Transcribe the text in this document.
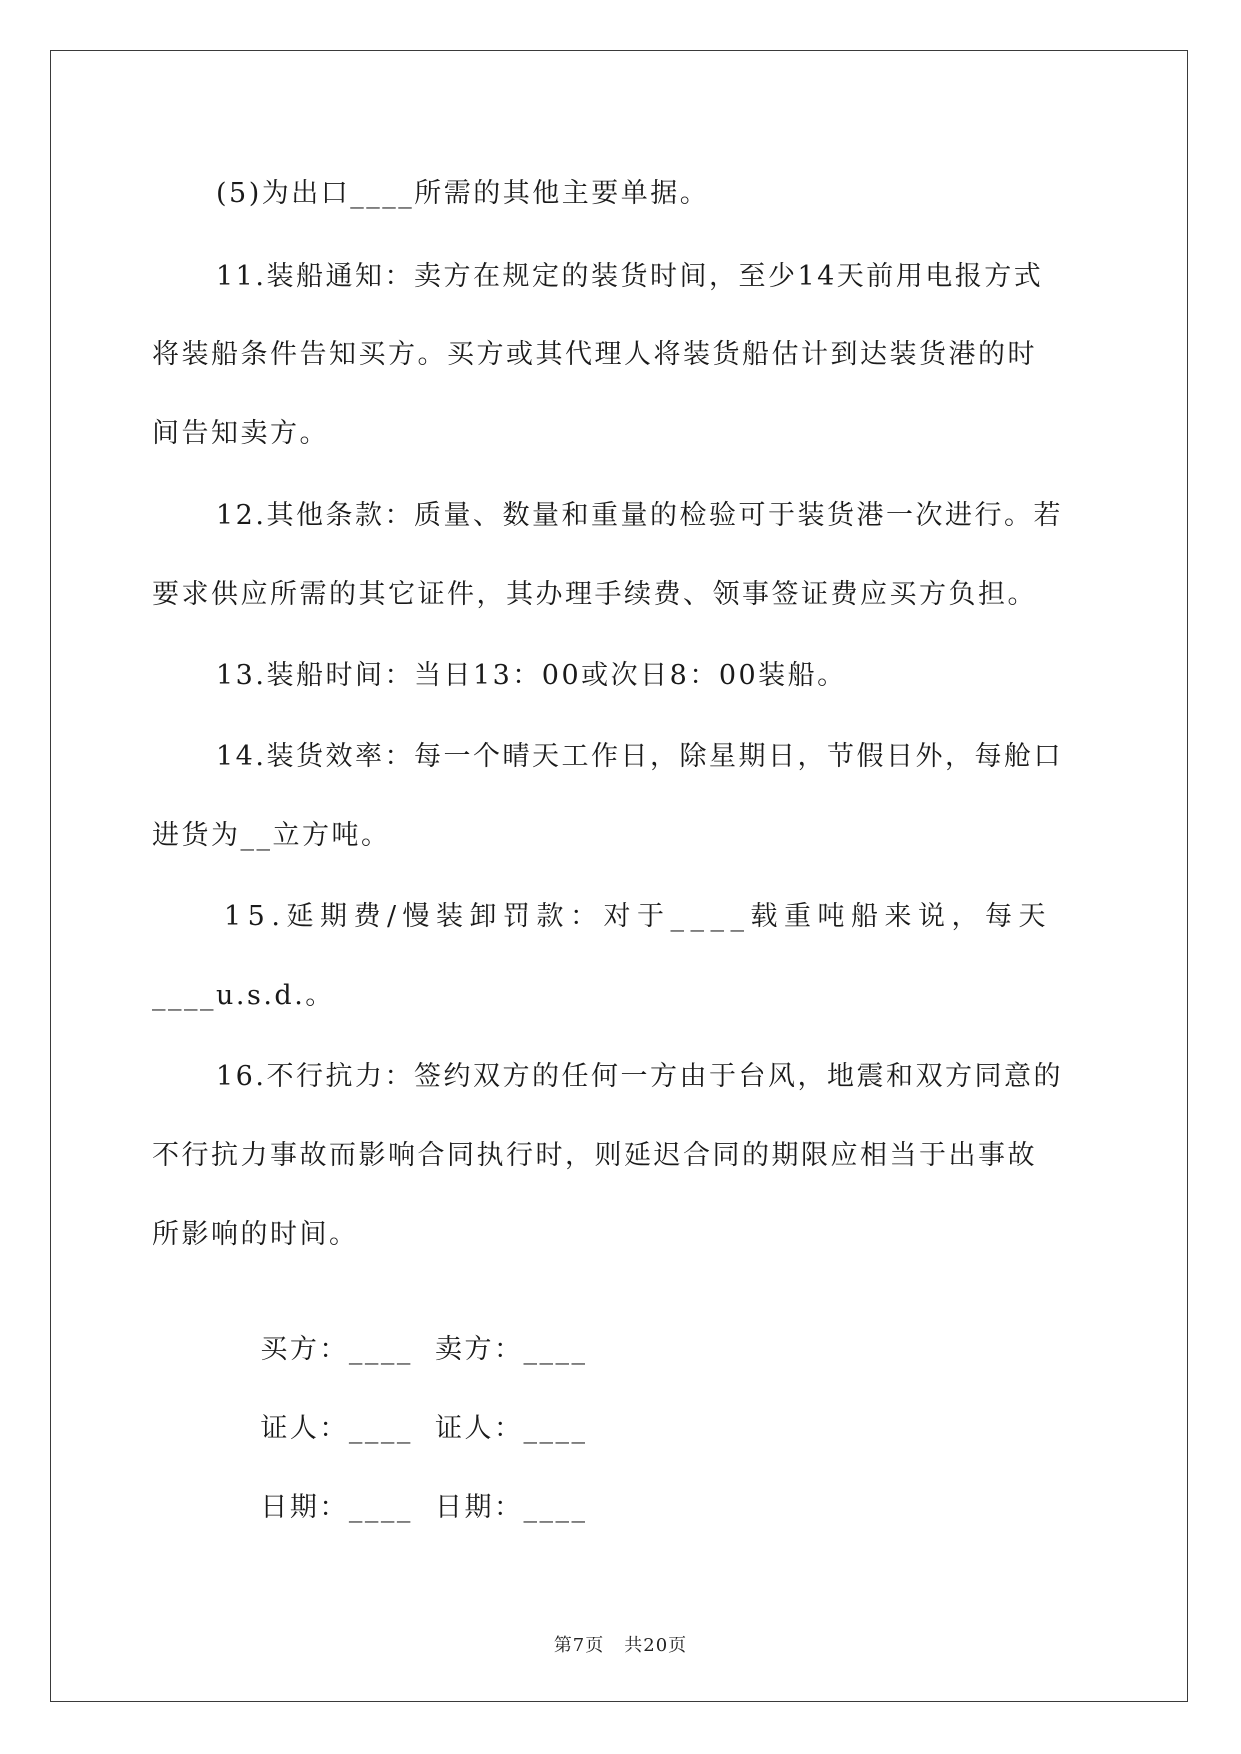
(5)为出口____所需的其他主要单据。
11.装船通知：卖方在规定的装货时间，至少14天前用电报方式
将装船条件告知买方。买方或其代理人将装货船估计到达装货港的时
间告知卖方。
12.其他条款：质量、数量和重量的检验可于装货港一次进行。若
要求供应所需的其它证件，其办理手续费、领事签证费应买方负担。
13.装船时间：当日13：00或次日8：00装船。
14.装货效率：每一个晴天工作日，除星期日，节假日外，每舱口
进货为__立方吨。
15.延期费/慢装卸罚款：对于____载重吨船来说，每天
____u.s.d.。
16.不行抗力：签约双方的任何一方由于台风，地震和双方同意的
不行抗力事故而影响合同执行时，则延迟合同的期限应相当于出事故
所影响的时间。

买方：____ 卖方：____

证人：____ 证人：____

日期：____ 日期：____

第7页 共20页
